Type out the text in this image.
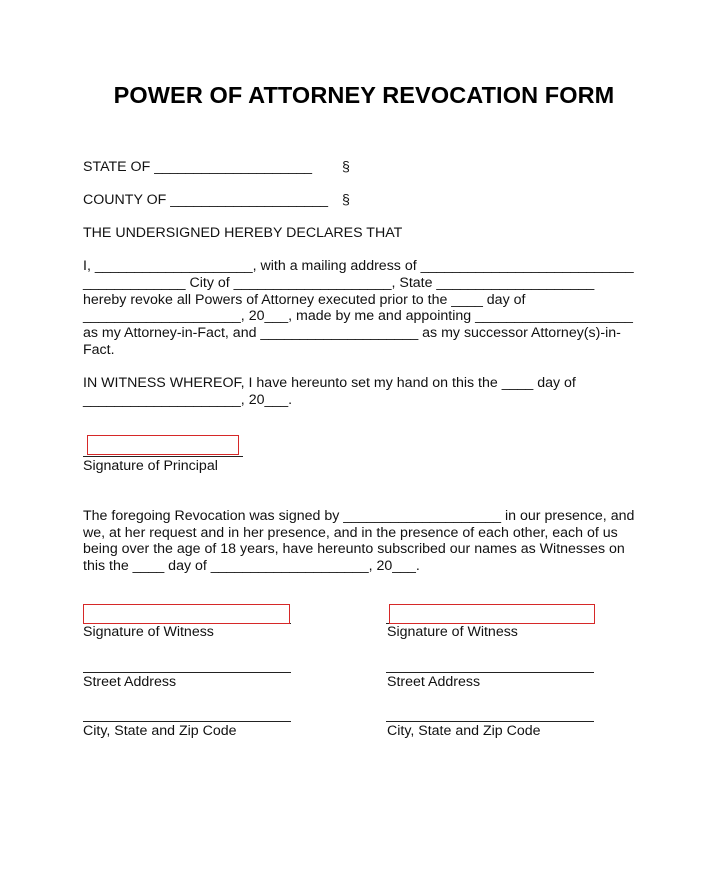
POWER OF ATTORNEY REVOCATION FORM
STATE OF ____________________ §
COUNTY OF ____________________ §
THE UNDERSIGNED HEREBY DECLARES THAT
I, ____________________, with a mailing address of ___________________________
_____________ City of ____________________, State ____________________
hereby revoke all Powers of Attorney executed prior to the ____ day of
____________________, 20___, made by me and appointing ____________________
as my Attorney-in-Fact, and ____________________ as my successor Attorney(s)-in-
Fact.
IN WITNESS WHEREOF, I have hereunto set my hand on this the ____ day of
____________________, 20___.
Signature of Principal
The foregoing Revocation was signed by ____________________ in our presence, and
we, at her request and in her presence, and in the presence of each other, each of us
being over the age of 18 years, have hereunto subscribed our names as Witnesses on
this the ____ day of ____________________, 20___.
Signature of Witness
Street Address
City, State and Zip Code
Signature of Witness
Street Address
City, State and Zip Code
